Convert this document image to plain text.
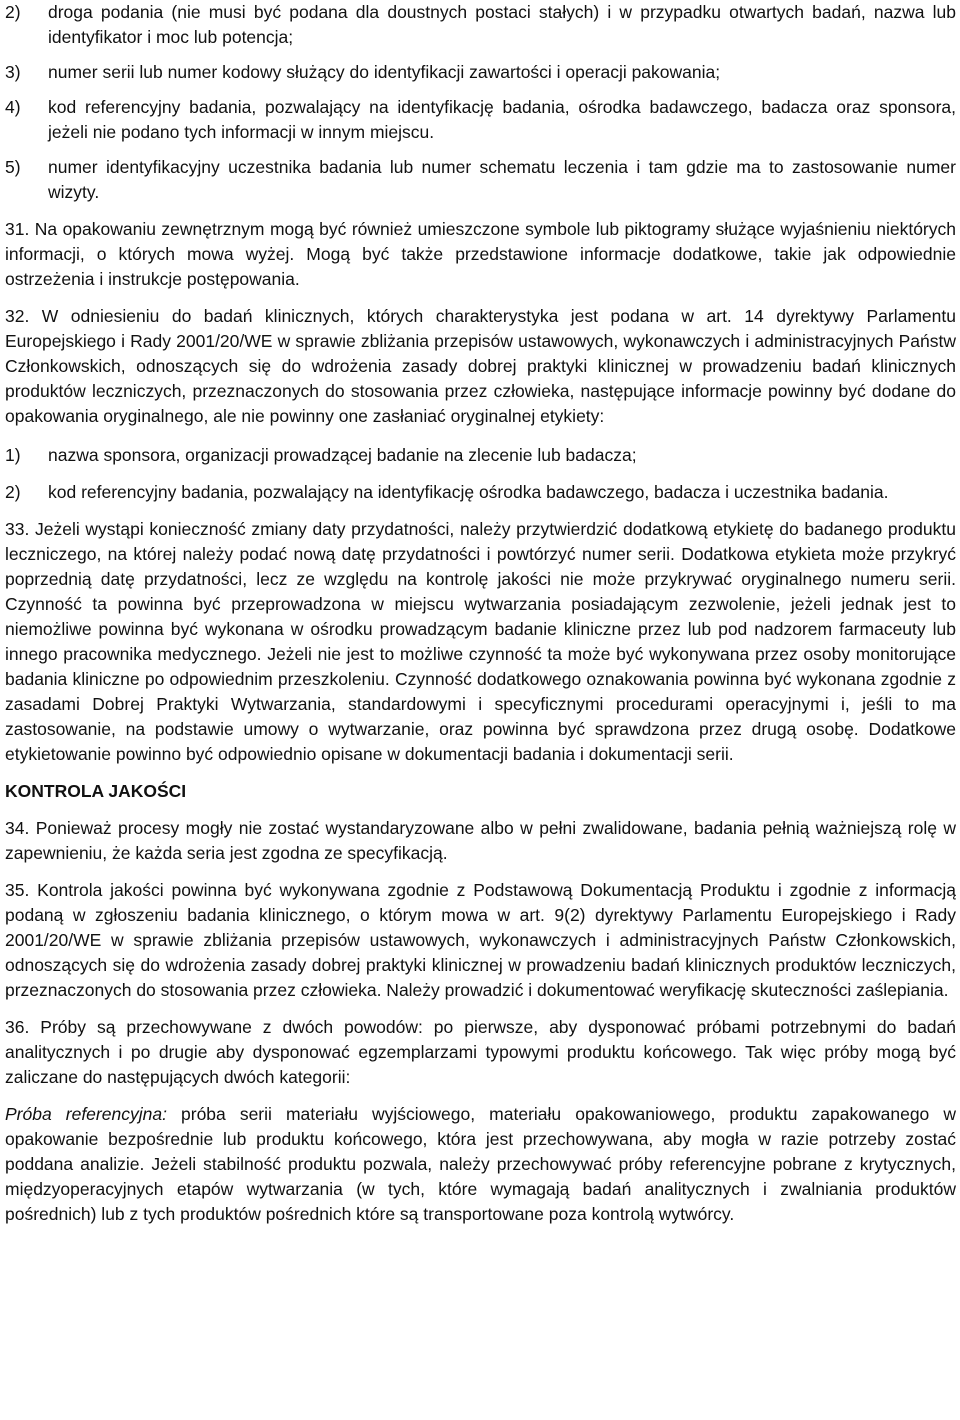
2)	droga podania (nie musi być podana dla doustnych postaci stałych) i w przypadku otwartych badań, nazwa lub identyfikator i moc lub potencja;
3)	numer serii lub numer kodowy służący do identyfikacji zawartości i operacji pakowania;
4)	kod referencyjny badania, pozwalający na identyfikację badania, ośrodka badawczego, badacza oraz sponsora, jeżeli nie podano tych informacji w innym miejscu.
5)	numer identyfikacyjny uczestnika badania lub numer schematu leczenia i tam gdzie ma to zastosowanie numer wizyty.

31. Na opakowaniu zewnętrznym mogą być również umieszczone symbole lub piktogramy służące wyjaśnieniu niektórych informacji, o których mowa wyżej. Mogą być także przedstawione informacje dodatkowe, takie jak odpowiednie ostrzeżenia i instrukcje postępowania.

32. W odniesieniu do badań klinicznych, których charakterystyka jest podana w art. 14 dyrektywy Parlamentu Europejskiego i Rady 2001/20/WE w sprawie zbliżania przepisów ustawowych, wykonawczych i administracyjnych Państw Członkowskich, odnoszących się do wdrożenia zasady dobrej praktyki klinicznej w prowadzeniu badań klinicznych produktów leczniczych, przeznaczonych do stosowania przez człowieka, następujące informacje powinny być dodane do opakowania oryginalnego, ale nie powinny one zasłaniać oryginalnej etykiety:

1)	nazwa sponsora, organizacji prowadzącej badanie na zlecenie lub badacza;
2)	kod referencyjny badania, pozwalający na identyfikację ośrodka badawczego, badacza i uczestnika badania.

33. Jeżeli wystąpi konieczność zmiany daty przydatności, należy przytwierdzić dodatkową etykietę do badanego produktu leczniczego, na której należy podać nową datę przydatności i powtórzyć numer serii. Dodatkowa etykieta może przykryć poprzednią datę przydatności, lecz ze względu na kontrolę jakości nie może przykrywać oryginalnego numeru serii. Czynność ta powinna być przeprowadzona w miejscu wytwarzania posiadającym zezwolenie, jeżeli jednak jest to niemożliwe powinna być wykonana w ośrodku prowadzącym badanie kliniczne przez lub pod nadzorem farmaceuty lub innego pracownika medycznego. Jeżeli nie jest to możliwe czynność ta może być wykonywana przez osoby monitorujące badania kliniczne po odpowiednim przeszkoleniu. Czynność dodatkowego oznakowania powinna być wykonana zgodnie z zasadami Dobrej Praktyki Wytwarzania, standardowymi i specyficznymi procedurami operacyjnymi i, jeśli to ma zastosowanie, na podstawie umowy o wytwarzanie, oraz powinna być sprawdzona przez drugą osobę. Dodatkowe etykietowanie powinno być odpowiednio opisane w dokumentacji badania i dokumentacji serii.

KONTROLA JAKOŚCI

34. Ponieważ procesy mogły nie zostać wystandaryzowane albo w pełni zwalidowane, badania pełnią ważniejszą rolę w zapewnieniu, że każda seria jest zgodna ze specyfikacją.

35. Kontrola jakości powinna być wykonywana zgodnie z Podstawową Dokumentacją Produktu i zgodnie z informacją podaną w zgłoszeniu badania klinicznego, o którym mowa w art. 9(2) dyrektywy Parlamentu Europejskiego i Rady 2001/20/WE w sprawie zbliżania przepisów ustawowych, wykonawczych i administracyjnych Państw Członkowskich, odnoszących się do wdrożenia zasady dobrej praktyki klinicznej w prowadzeniu badań klinicznych produktów leczniczych, przeznaczonych do stosowania przez człowieka. Należy prowadzić i dokumentować weryfikację skuteczności zaślepiania.

36. Próby są przechowywane z dwóch powodów: po pierwsze, aby dysponować próbami potrzebnymi do badań analitycznych i po drugie aby dysponować egzemplarzami typowymi produktu końcowego. Tak więc próby mogą być zaliczane do następujących dwóch kategorii:

Próba referencyjna: próba serii materiału wyjściowego, materiału opakowaniowego, produktu zapakowanego w opakowanie bezpośrednie lub produktu końcowego, która jest przechowywana, aby mogła w razie potrzeby zostać poddana analizie. Jeżeli stabilność produktu pozwala, należy przechowywać próby referencyjne pobrane z krytycznych, międzyoperacyjnych etapów wytwarzania (w tych, które wymagają badań analitycznych i zwalniania produktów pośrednich) lub z tych produktów pośrednich które są transportowane poza kontrolą wytwórcy.
